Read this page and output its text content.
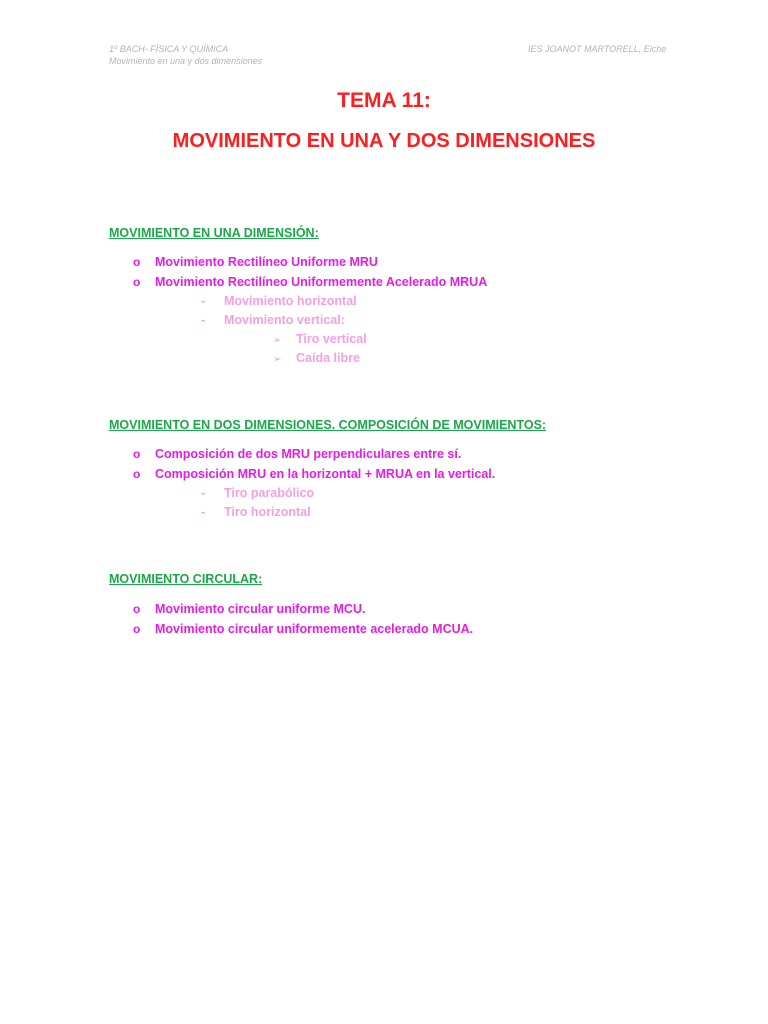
1º BACH- FÍSICA Y QUÍMICA
Movimiento en una y dos dimensiones
IES JOANOT MARTORELL, Elche
TEMA 11:
MOVIMIENTO EN UNA Y DOS DIMENSIONES
MOVIMIENTO EN UNA DIMENSIÓN:
o Movimiento Rectilíneo Uniforme MRU
o Movimiento Rectilíneo Uniformemente Acelerado MRUA
- Movimiento horizontal
- Movimiento vertical:
➢ Tiro vertical
➢ Caída libre
MOVIMIENTO EN DOS DIMENSIONES. COMPOSICIÓN DE MOVIMIENTOS:
o Composición de dos MRU perpendiculares entre sí.
o Composición MRU en la horizontal + MRUA en la vertical.
- Tiro parabólico
- Tiro horizontal
MOVIMIENTO CIRCULAR:
o Movimiento circular uniforme MCU.
o Movimiento circular uniformemente acelerado MCUA.
